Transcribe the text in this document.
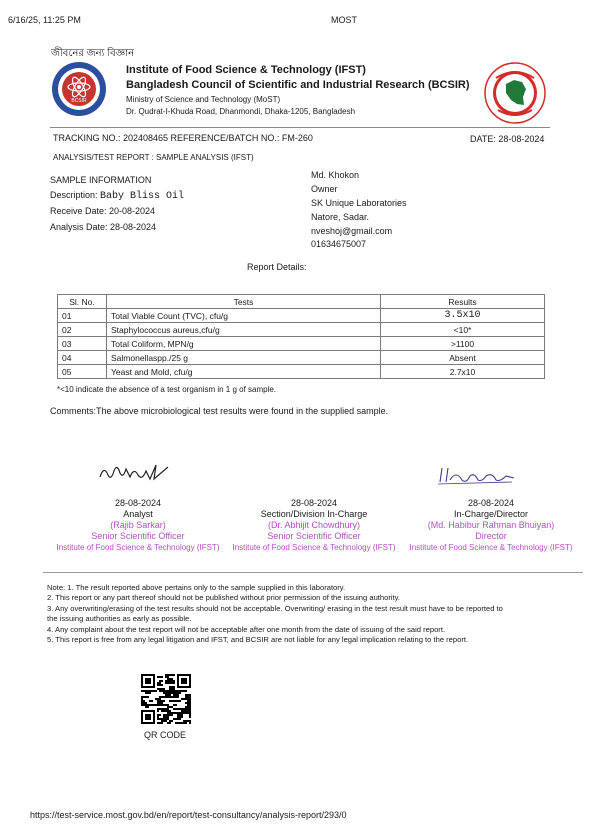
6/16/25, 11:25 PM	MOST
জীবনের জন্য বিজ্ঞান
BCSIR
Institute of Food Science & Technology (IFST)
Bangladesh Council of Scientific and Industrial Research (BCSIR)
Ministry of Science and Technology (MoST)
Dr. Qudrat-I-Khuda Road, Dhanmondi, Dhaka-1205, Bangladesh
TRACKING NO.: 202408465 REFERENCE/BATCH NO.: FM-260	DATE: 28-08-2024
ANALYSIS/TEST REPORT : SAMPLE ANALYSIS (IFST)
SAMPLE INFORMATION
Description: Baby Bliss Oil
Receive Date: 20-08-2024
Analysis Date: 28-08-2024
Md. Khokon
Owner
SK Unique Laboratories
Natore, Sadar.
nveshoj@gmail.com
01634675007
Report Details:
Sl. No.	Tests	Results
01	Total Viable Count (TVC), cfu/g	3.5x10
02	Staphylococcus aureus,cfu/g	<10*
03	Total Coliform, MPN/g	>1100
04	Salmonellaspp./25 g	Absent
05	Yeast and Mold, cfu/g	2.7x10
*<10 indicate the absence of a test organism in 1 g of sample.
Comments:The above microbiological test results were found in the supplied sample.
28-08-2024
Analyst
(Rajib Sarkar)
Senior Scientific Officer
Institute of Food Science & Technology (IFST)
28-08-2024
Section/Division In-Charge
(Dr. Abhijit Chowdhury)
Senior Scientific Officer
Institute of Food Science & Technology (IFST)
28-08-2024
In-Charge/Director
(Md. Habibur Rahman Bhuiyan)
Director
Institute of Food Science & Technology (IFST)
Note: 1. The result reported above pertains only to the sample supplied in this laboratory.
2. This report or any part thereof should not be published without prior permission of the issuing authority.
3. Any overwriting/erasing of the test results should not be acceptable. Overwriting/ erasing in the test result must have to be reported to
the issuing authorities as early as possible.
4. Any complaint about the test report will not be acceptable after one month from the date of issuing of the said report.
5. This report is free from any legal litigation and IFST, and BCSIR are not liable for any legal implication relating to the report.
QR CODE
https://test-service.most.gov.bd/en/report/test-consultancy/analysis-report/293/0
